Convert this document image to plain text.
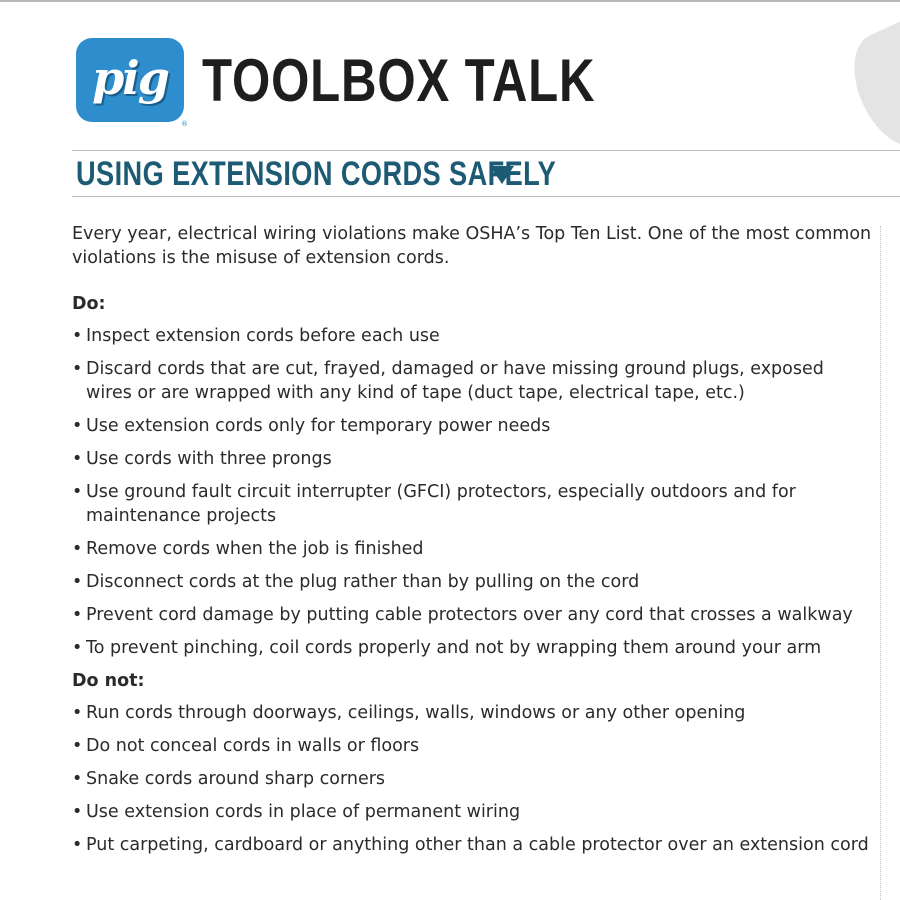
pig
®
TOOLBOX TALK
USING EXTENSION CORDS SAFELY

Every year, electrical wiring violations make OSHA’s Top Ten List. One of the most common violations is the misuse of extension cords.

Do:

• Inspect extension cords before each use
• Discard cords that are cut, frayed, damaged or have missing ground plugs, exposed wires or are wrapped with any kind of tape (duct tape, electrical tape, etc.)
• Use extension cords only for temporary power needs
• Use cords with three prongs
• Use ground fault circuit interrupter (GFCI) protectors, especially outdoors and for maintenance projects
• Remove cords when the job is finished
• Disconnect cords at the plug rather than by pulling on the cord
• Prevent cord damage by putting cable protectors over any cord that crosses a walkway
• To prevent pinching, coil cords properly and not by wrapping them around your arm

Do not:

• Run cords through doorways, ceilings, walls, windows or any other opening
• Do not conceal cords in walls or floors
• Snake cords around sharp corners
• Use extension cords in place of permanent wiring
• Put carpeting, cardboard or anything other than a cable protector over an extension cord
